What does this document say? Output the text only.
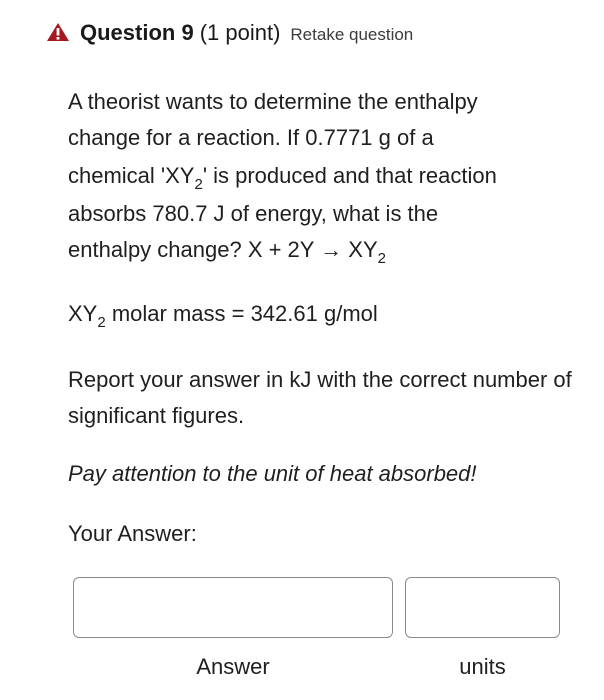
Question 9 (1 point) Retake question
A theorist wants to determine the enthalpy
change for a reaction. If 0.7771 g of a
chemical '$XY_2$' is produced and that reaction
absorbs 780.7 J of energy, what is the
enthalpy change? $X + 2Y \to XY_2$
$XY_2$ molar mass = 342.61 g/mol
Report your answer in kJ with the correct number of significant figures.
Pay attention to the unit of heat absorbed!
Your Answer:
Answer	units
